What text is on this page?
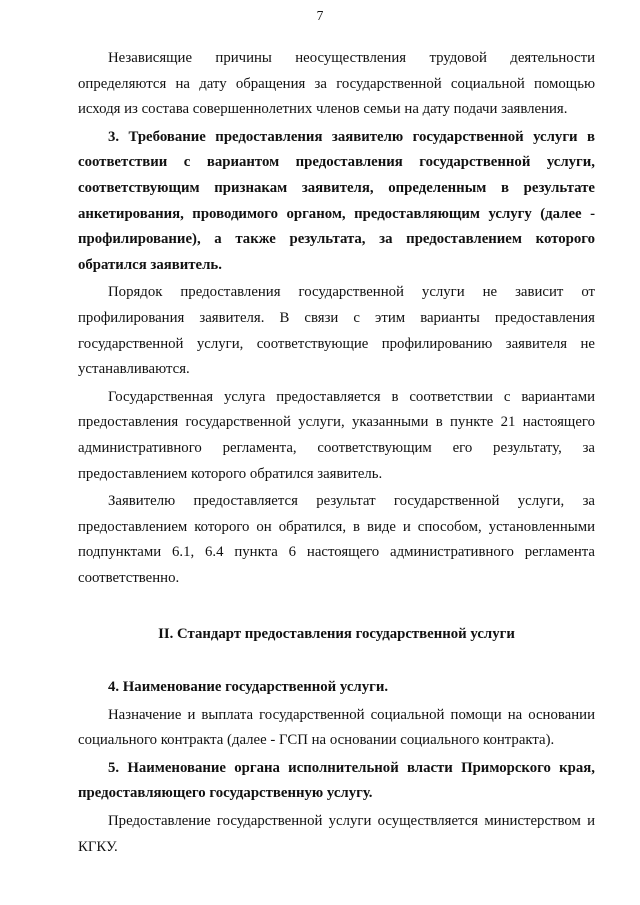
7

Независящие причины неосуществления трудовой деятельности определяются на дату обращения за государственной социальной помощью исходя из состава совершеннолетних членов семьи на дату подачи заявления.

3. Требование предоставления заявителю государственной услуги в соответствии с вариантом предоставления государственной услуги, соответствующим признакам заявителя, определенным в результате анкетирования, проводимого органом, предоставляющим услугу (далее - профилирование), а также результата, за предоставлением которого обратился заявитель.

Порядок предоставления государственной услуги не зависит от профилирования заявителя. В связи с этим варианты предоставления государственной услуги, соответствующие профилированию заявителя не устанавливаются.

Государственная услуга предоставляется в соответствии с вариантами предоставления государственной услуги, указанными в пункте 21 настоящего административного регламента, соответствующим его результату, за предоставлением которого обратился заявитель.

Заявителю предоставляется результат государственной услуги, за предоставлением которого он обратился, в виде и способом, установленными подпунктами 6.1, 6.4 пункта 6 настоящего административного регламента соответственно.

II. Стандарт предоставления государственной услуги

4. Наименование государственной услуги.

Назначение и выплата государственной социальной помощи на основании социального контракта (далее - ГСП на основании социального контракта).

5. Наименование органа исполнительной власти Приморского края, предоставляющего государственную услугу.

Предоставление государственной услуги осуществляется министерством и КГКУ.
